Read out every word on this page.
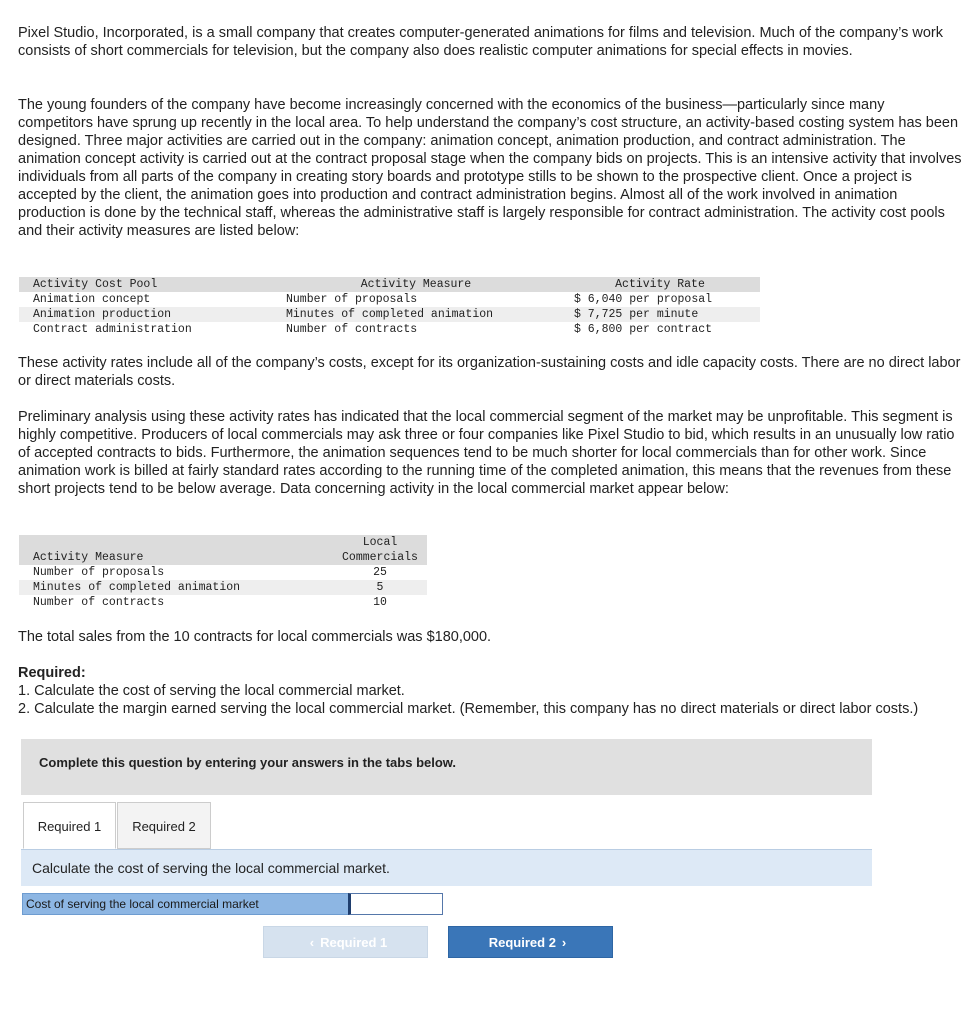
Pixel Studio, Incorporated, is a small company that creates computer-generated animations for films and television. Much of the company’s work consists of short commercials for television, but the company also does realistic computer animations for special effects in movies.

The young founders of the company have become increasingly concerned with the economics of the business—particularly since many competitors have sprung up recently in the local area. To help understand the company’s cost structure, an activity-based costing system has been designed. Three major activities are carried out in the company: animation concept, animation production, and contract administration. The animation concept activity is carried out at the contract proposal stage when the company bids on projects. This is an intensive activity that involves individuals from all parts of the company in creating story boards and prototype stills to be shown to the prospective client. Once a project is accepted by the client, the animation goes into production and contract administration begins. Almost all of the work involved in animation production is done by the technical staff, whereas the administrative staff is largely responsible for contract administration. The activity cost pools and their activity measures are listed below:

Activity Cost Pool	Activity Measure	Activity Rate
Animation concept	Number of proposals	$ 6,040 per proposal
Animation production	Minutes of completed animation	$ 7,725 per minute
Contract administration	Number of contracts	$ 6,800 per contract

These activity rates include all of the company’s costs, except for its organization-sustaining costs and idle capacity costs. There are no direct labor or direct materials costs.

Preliminary analysis using these activity rates has indicated that the local commercial segment of the market may be unprofitable. This segment is highly competitive. Producers of local commercials may ask three or four companies like Pixel Studio to bid, which results in an unusually low ratio of accepted contracts to bids. Furthermore, the animation sequences tend to be much shorter for local commercials than for other work. Since animation work is billed at fairly standard rates according to the running time of the completed animation, this means that the revenues from these short projects tend to be below average. Data concerning activity in the local commercial market appear below:

	Local
Activity Measure	Commercials
Number of proposals	25
Minutes of completed animation	5
Number of contracts	10

The total sales from the 10 contracts for local commercials was $180,000.

Required:

1. Calculate the cost of serving the local commercial market.

2. Calculate the margin earned serving the local commercial market. (Remember, this company has no direct materials or direct labor costs.)

Complete this question by entering your answers in the tabs below.
Required 1	Required 2
Calculate the cost of serving the local commercial market.
Cost of serving the local commercial market
‹ Required 1	Required 2 ›
